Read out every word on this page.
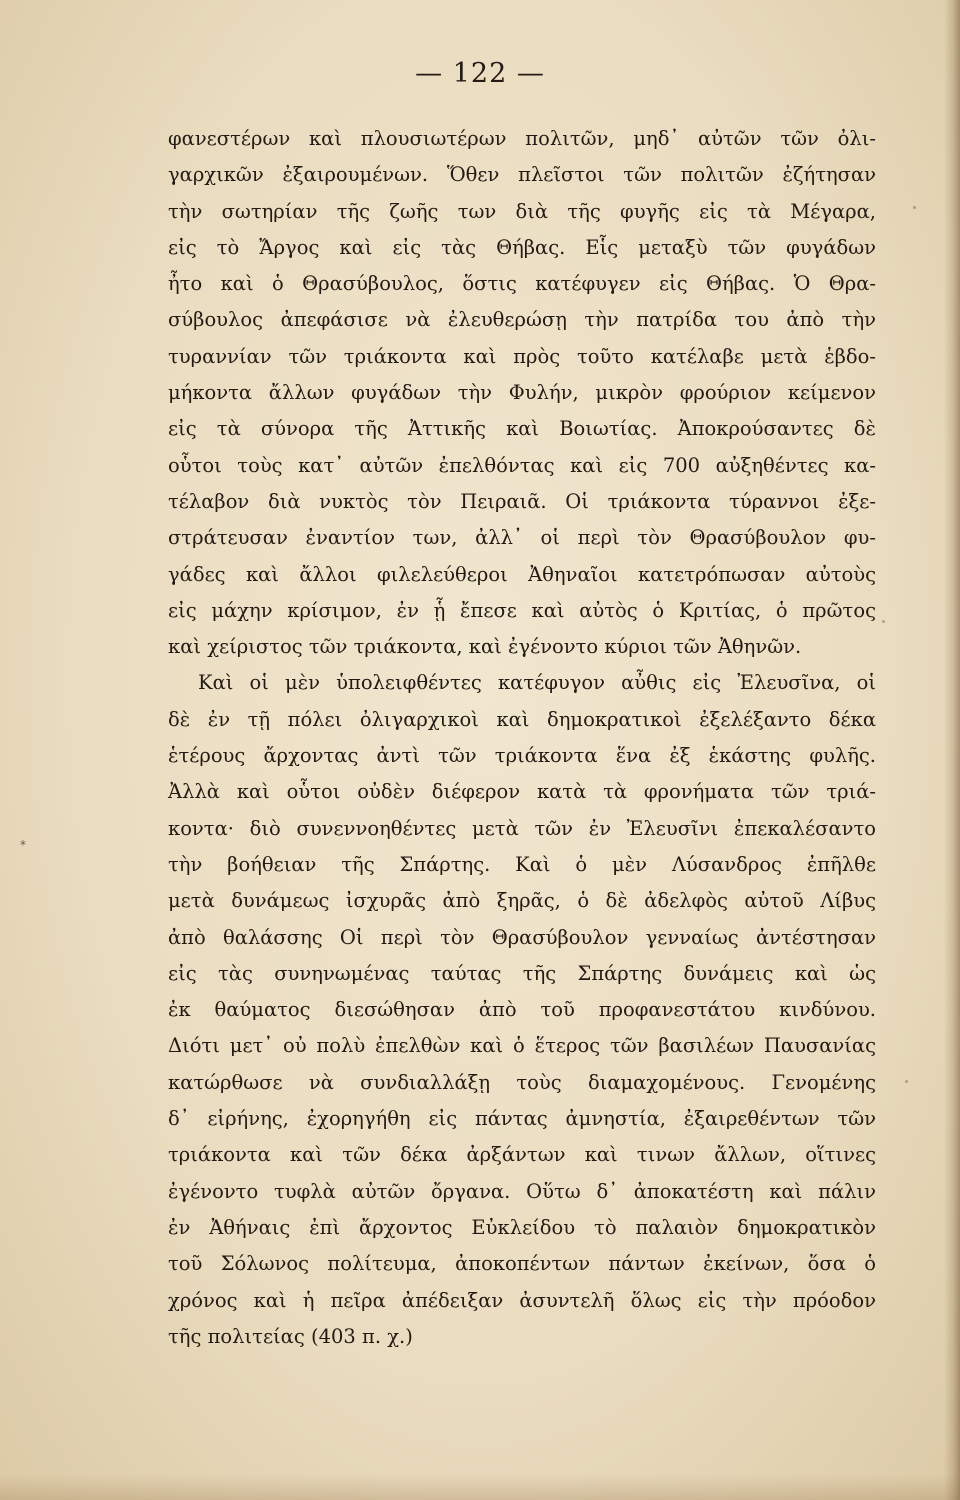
— 122 —
φανεστέρων καὶ πλουσιωτέρων πολιτῶν, μηδ᾽ αὐτῶν τῶν ὀλι-
γαρχικῶν ἐξαιρουμένων. Ὅθεν πλεῖστοι τῶν πολιτῶν ἐζήτησαν
τὴν σωτηρίαν τῆς ζωῆς των διὰ τῆς φυγῆς εἰς τὰ Μέγαρα,
εἰς τὸ Ἄργος καὶ εἰς τὰς Θήβας. Εἷς μεταξὺ τῶν φυγάδων
ἦτο καὶ ὁ Θρασύβουλος, ὅστις κατέφυγεν εἰς Θήβας. Ὁ Θρα-
σύβουλος ἀπεφάσισε νὰ ἐλευθερώσῃ τὴν πατρίδα του ἀπὸ τὴν
τυραννίαν τῶν τριάκοντα καὶ πρὸς τοῦτο κατέλαβε μετὰ ἑβδο-
μήκοντα ἄλλων φυγάδων τὴν Φυλήν, μικρὸν φρούριον κείμενον
εἰς τὰ σύνορα τῆς Ἀττικῆς καὶ Βοιωτίας. Ἀποκρούσαντες δὲ
οὗτοι τοὺς κατ᾽ αὐτῶν ἐπελθόντας καὶ εἰς 700 αὐξηθέντες κα-
τέλαβον διὰ νυκτὸς τὸν Πειραιᾶ. Οἱ τριάκοντα τύραννοι ἐξε-
στράτευσαν ἐναντίον των, ἀλλ᾽ οἱ περὶ τὸν Θρασύβουλον φυ-
γάδες καὶ ἄλλοι φιλελεύθεροι Ἀθηναῖοι κατετρόπωσαν αὐτοὺς
εἰς μάχην κρίσιμον, ἐν ᾗ ἔπεσε καὶ αὐτὸς ὁ Κριτίας, ὁ πρῶτος
καὶ χείριστος τῶν τριάκοντα, καὶ ἐγένοντο κύριοι τῶν Ἀθηνῶν.
Καὶ οἱ μὲν ὑπολειφθέντες κατέφυγον αὖθις εἰς Ἐλευσῖνα, οἱ
δὲ ἐν τῇ πόλει ὀλιγαρχικοὶ καὶ δημοκρατικοὶ ἐξελέξαντο δέκα
ἑτέρους ἄρχοντας ἀντὶ τῶν τριάκοντα ἕνα ἐξ ἑκάστης φυλῆς.
Ἀλλὰ καὶ οὗτοι οὐδὲν διέφερον κατὰ τὰ φρονήματα τῶν τριά-
κοντα· διὸ συνεννοηθέντες μετὰ τῶν ἐν Ἐλευσῖνι ἐπεκαλέσαντο
τὴν βοήθειαν τῆς Σπάρτης. Καὶ ὁ μὲν Λύσανδρος ἐπῆλθε
μετὰ δυνάμεως ἰσχυρᾶς ἀπὸ ξηρᾶς, ὁ δὲ ἀδελφὸς αὐτοῦ Λίβυς
ἀπὸ θαλάσσης Οἱ περὶ τὸν Θρασύβουλον γενναίως ἀντέστησαν
εἰς τὰς συνηνωμένας ταύτας τῆς Σπάρτης δυνάμεις καὶ ὡς
ἐκ θαύματος διεσώθησαν ἀπὸ τοῦ προφανεστάτου κινδύνου.
Διότι μετ᾽ οὐ πολὺ ἐπελθὼν καὶ ὁ ἕτερος τῶν βασιλέων Παυσανίας
κατώρθωσε νὰ συνδιαλλάξῃ τοὺς διαμαχομένους. Γενομένης
δ᾽ εἰρήνης, ἐχορηγήθη εἰς πάντας ἀμνηστία, ἐξαιρεθέντων τῶν
τριάκοντα καὶ τῶν δέκα ἀρξάντων καὶ τινων ἄλλων, οἵτινες
ἐγένοντο τυφλὰ αὐτῶν ὄργανα. Οὕτω δ᾽ ἀποκατέστη καὶ πάλιν
ἐν Ἀθήναις ἐπὶ ἄρχοντος Εὐκλείδου τὸ παλαιὸν δημοκρατικὸν
τοῦ Σόλωνος πολίτευμα, ἀποκοπέντων πάντων ἐκείνων, ὅσα ὁ
χρόνος καὶ ἡ πεῖρα ἀπέδειξαν ἀσυντελῆ ὅλως εἰς τὴν πρόοδον
τῆς πολιτείας (403 π. χ.)
*
